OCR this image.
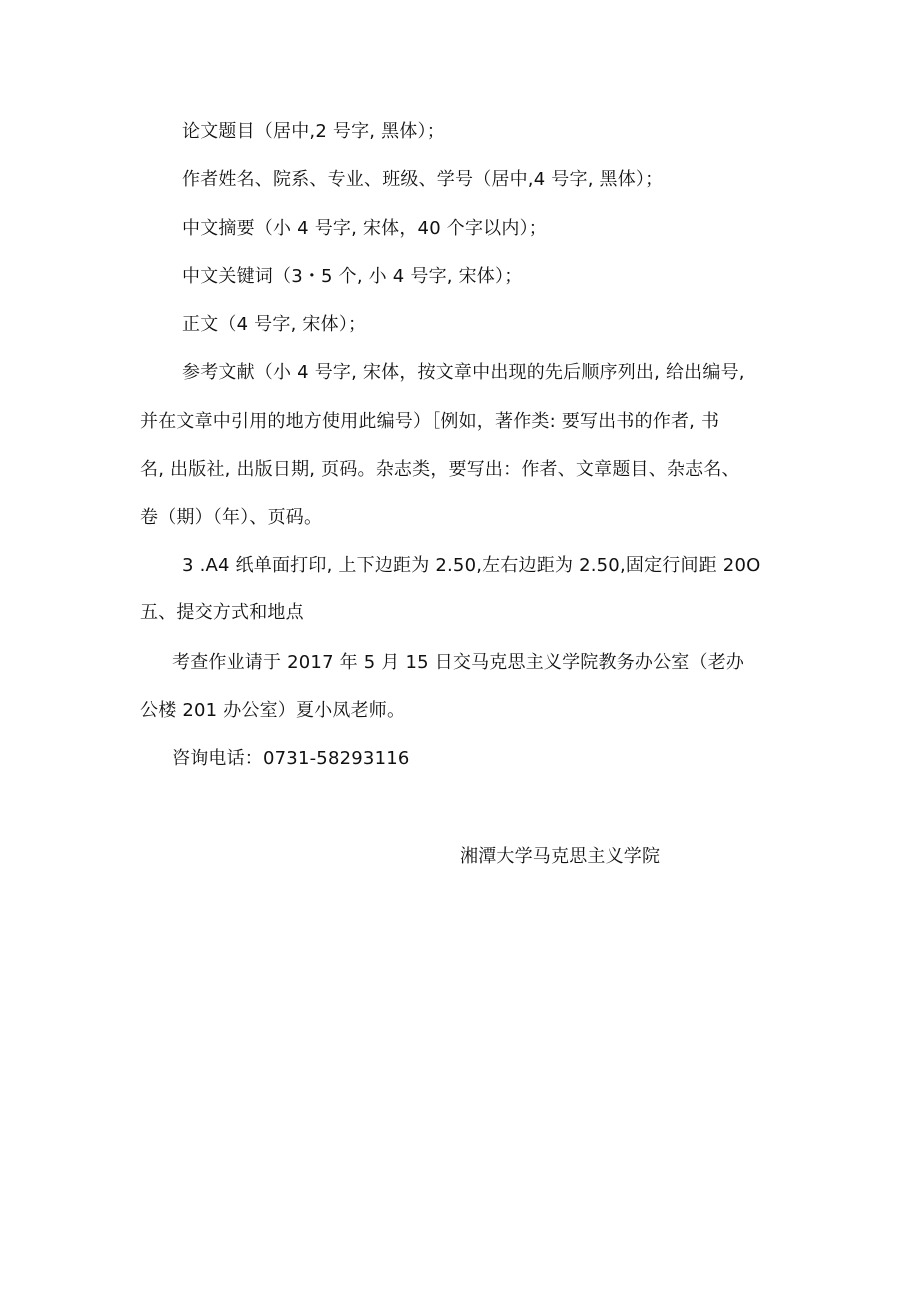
论文题目（居中,2 号字, 黑体）；
作者姓名、院系、专业、班级、学号（居中,4 号字, 黑体）；
中文摘要（小 4 号字, 宋体，40 个字以内）；
中文关键词（3・5 个, 小 4 号字, 宋体）；
正文（4 号字, 宋体）；
参考文献（小 4 号字, 宋体，按文章中出现的先后顺序列出, 给出编号,
并在文章中引用的地方使用此编号）［例如，著作类: 要写出书的作者, 书
名, 出版社, 出版日期, 页码。杂志类，要写出：作者、文章题目、杂志名、
卷（期）（年）、页码。
3 .A4 纸单面打印, 上下边距为 2.50,左右边距为 2.50,固定行间距 20O
五、提交方式和地点
考查作业请于 2017 年 5 月 15 日交马克思主义学院教务办公室（老办
公楼 201 办公室）夏小凤老师。
咨询电话：0731-58293116
湘潭大学马克思主义学院
